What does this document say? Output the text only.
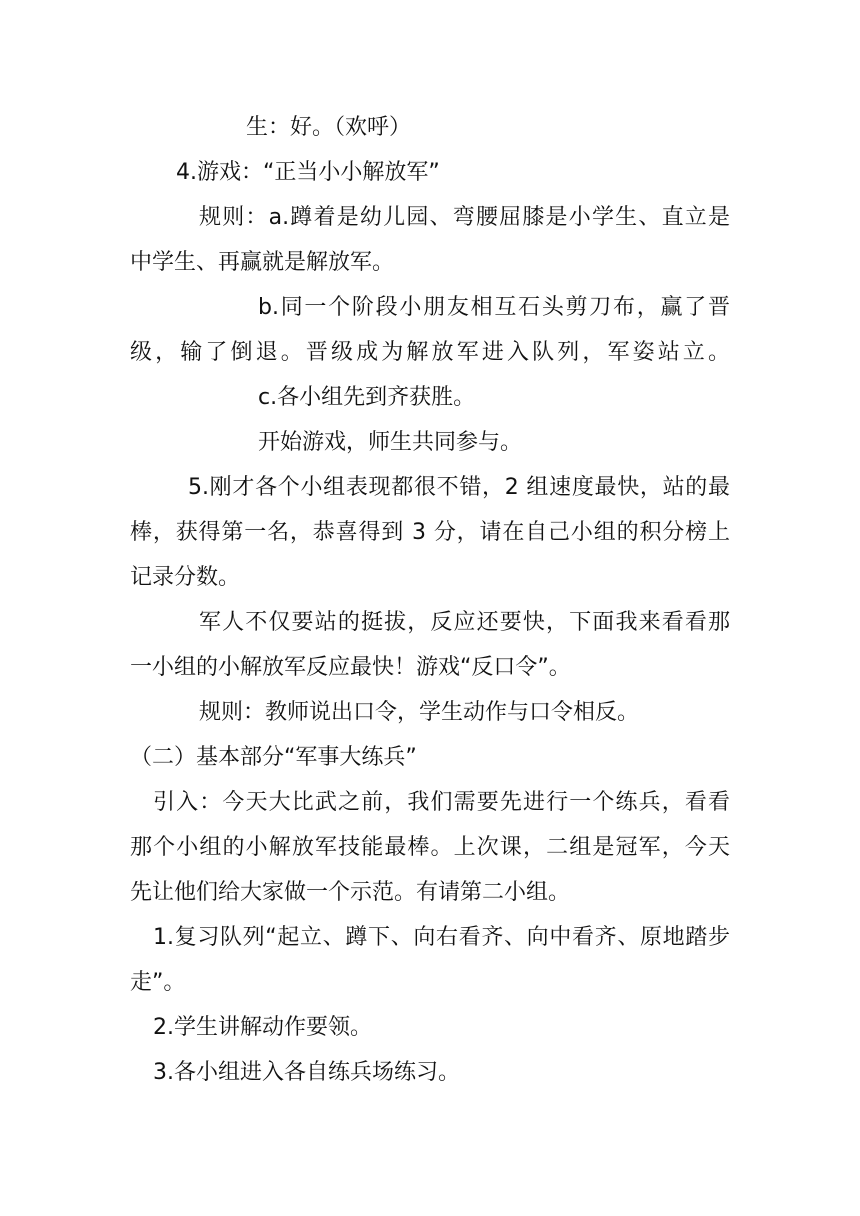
生：好。（欢呼）
4.游戏：“正当小小解放军”
规则：a.蹲着是幼儿园、弯腰屈膝是小学生、直立是
中学生、再赢就是解放军。
b.同一个阶段小朋友相互石头剪刀布，赢了晋
级，输了倒退。晋级成为解放军进入队列，军姿站立。
c.各小组先到齐获胜。
开始游戏，师生共同参与。
5.刚才各个小组表现都很不错，2 组速度最快，站的最
棒，获得第一名，恭喜得到 3 分，请在自己小组的积分榜上
记录分数。
军人不仅要站的挺拔，反应还要快，下面我来看看那
一小组的小解放军反应最快！游戏“反口令”。
规则：教师说出口令，学生动作与口令相反。
（二）基本部分“军事大练兵”
引入：今天大比武之前，我们需要先进行一个练兵，看看
那个小组的小解放军技能最棒。上次课，二组是冠军，今天
先让他们给大家做一个示范。有请第二小组。
1.复习队列“起立、蹲下、向右看齐、向中看齐、原地踏步
走”。
2.学生讲解动作要领。
3.各小组进入各自练兵场练习。
